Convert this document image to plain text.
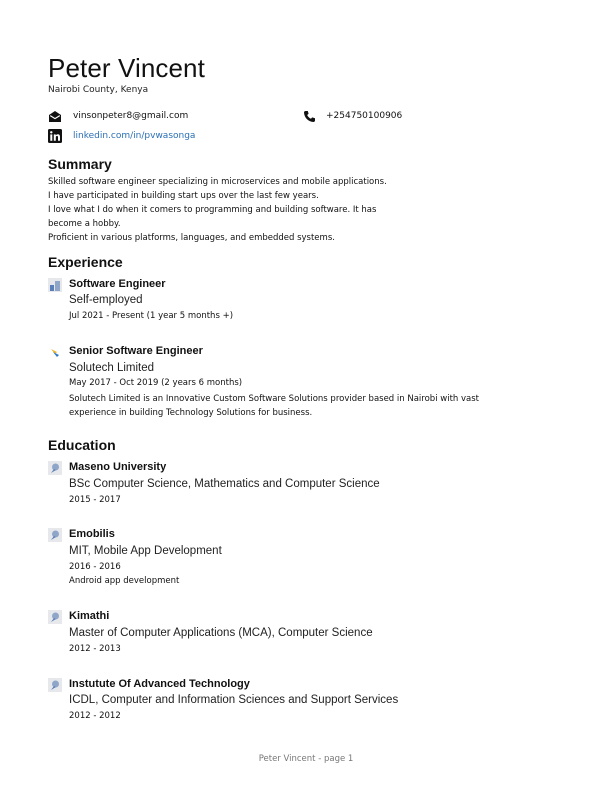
Peter Vincent
Nairobi County, Kenya
vinsonpeter8@gmail.com	+254750100906
linkedin.com/in/pvwasonga
Summary
Skilled software engineer specializing in microservices and mobile applications.
I have participated in building start ups over the last few years.
I love what I do when it comers to programming and building software. It has
become a hobby.
Proficient in various platforms, languages, and embedded systems.
Experience
Software Engineer
Self-employed
Jul 2021 - Present (1 year 5 months +)
Senior Software Engineer
Solutech Limited
May 2017 - Oct 2019 (2 years 6 months)
Solutech Limited is an Innovative Custom Software Solutions provider based in Nairobi with vast
experience in building Technology Solutions for business.
Education
Maseno University
BSc Computer Science, Mathematics and Computer Science
2015 - 2017
Emobilis
MIT, Mobile App Development
2016 - 2016
Android app development
Kimathi
Master of Computer Applications (MCA), Computer Science
2012 - 2013
Instutute Of Advanced Technology
ICDL, Computer and Information Sciences and Support Services
2012 - 2012
Peter Vincent - page 1
